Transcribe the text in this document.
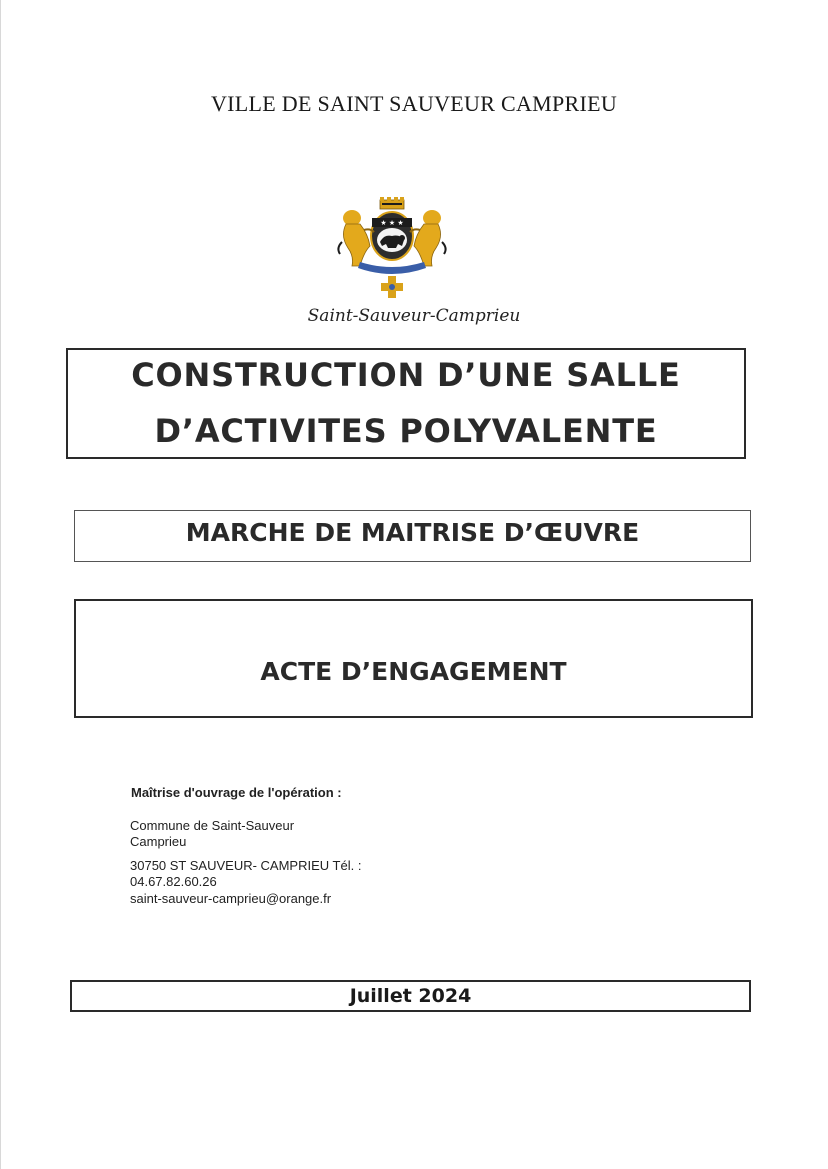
VILLE DE SAINT SAUVEUR CAMPRIEU
★ ★ ★
Saint-Sauveur-Camprieu
CONSTRUCTION D’UNE SALLE
D’ACTIVITES POLYVALENTE
MARCHE DE MAITRISE D’ŒUVRE
ACTE D’ENGAGEMENT
Maîtrise d'ouvrage de l'opération :
Commune de Saint-Sauveur
Camprieu
30750 ST SAUVEUR- CAMPRIEU Tél. :
04.67.82.60.26
saint-sauveur-camprieu@orange.fr
Juillet 2024
